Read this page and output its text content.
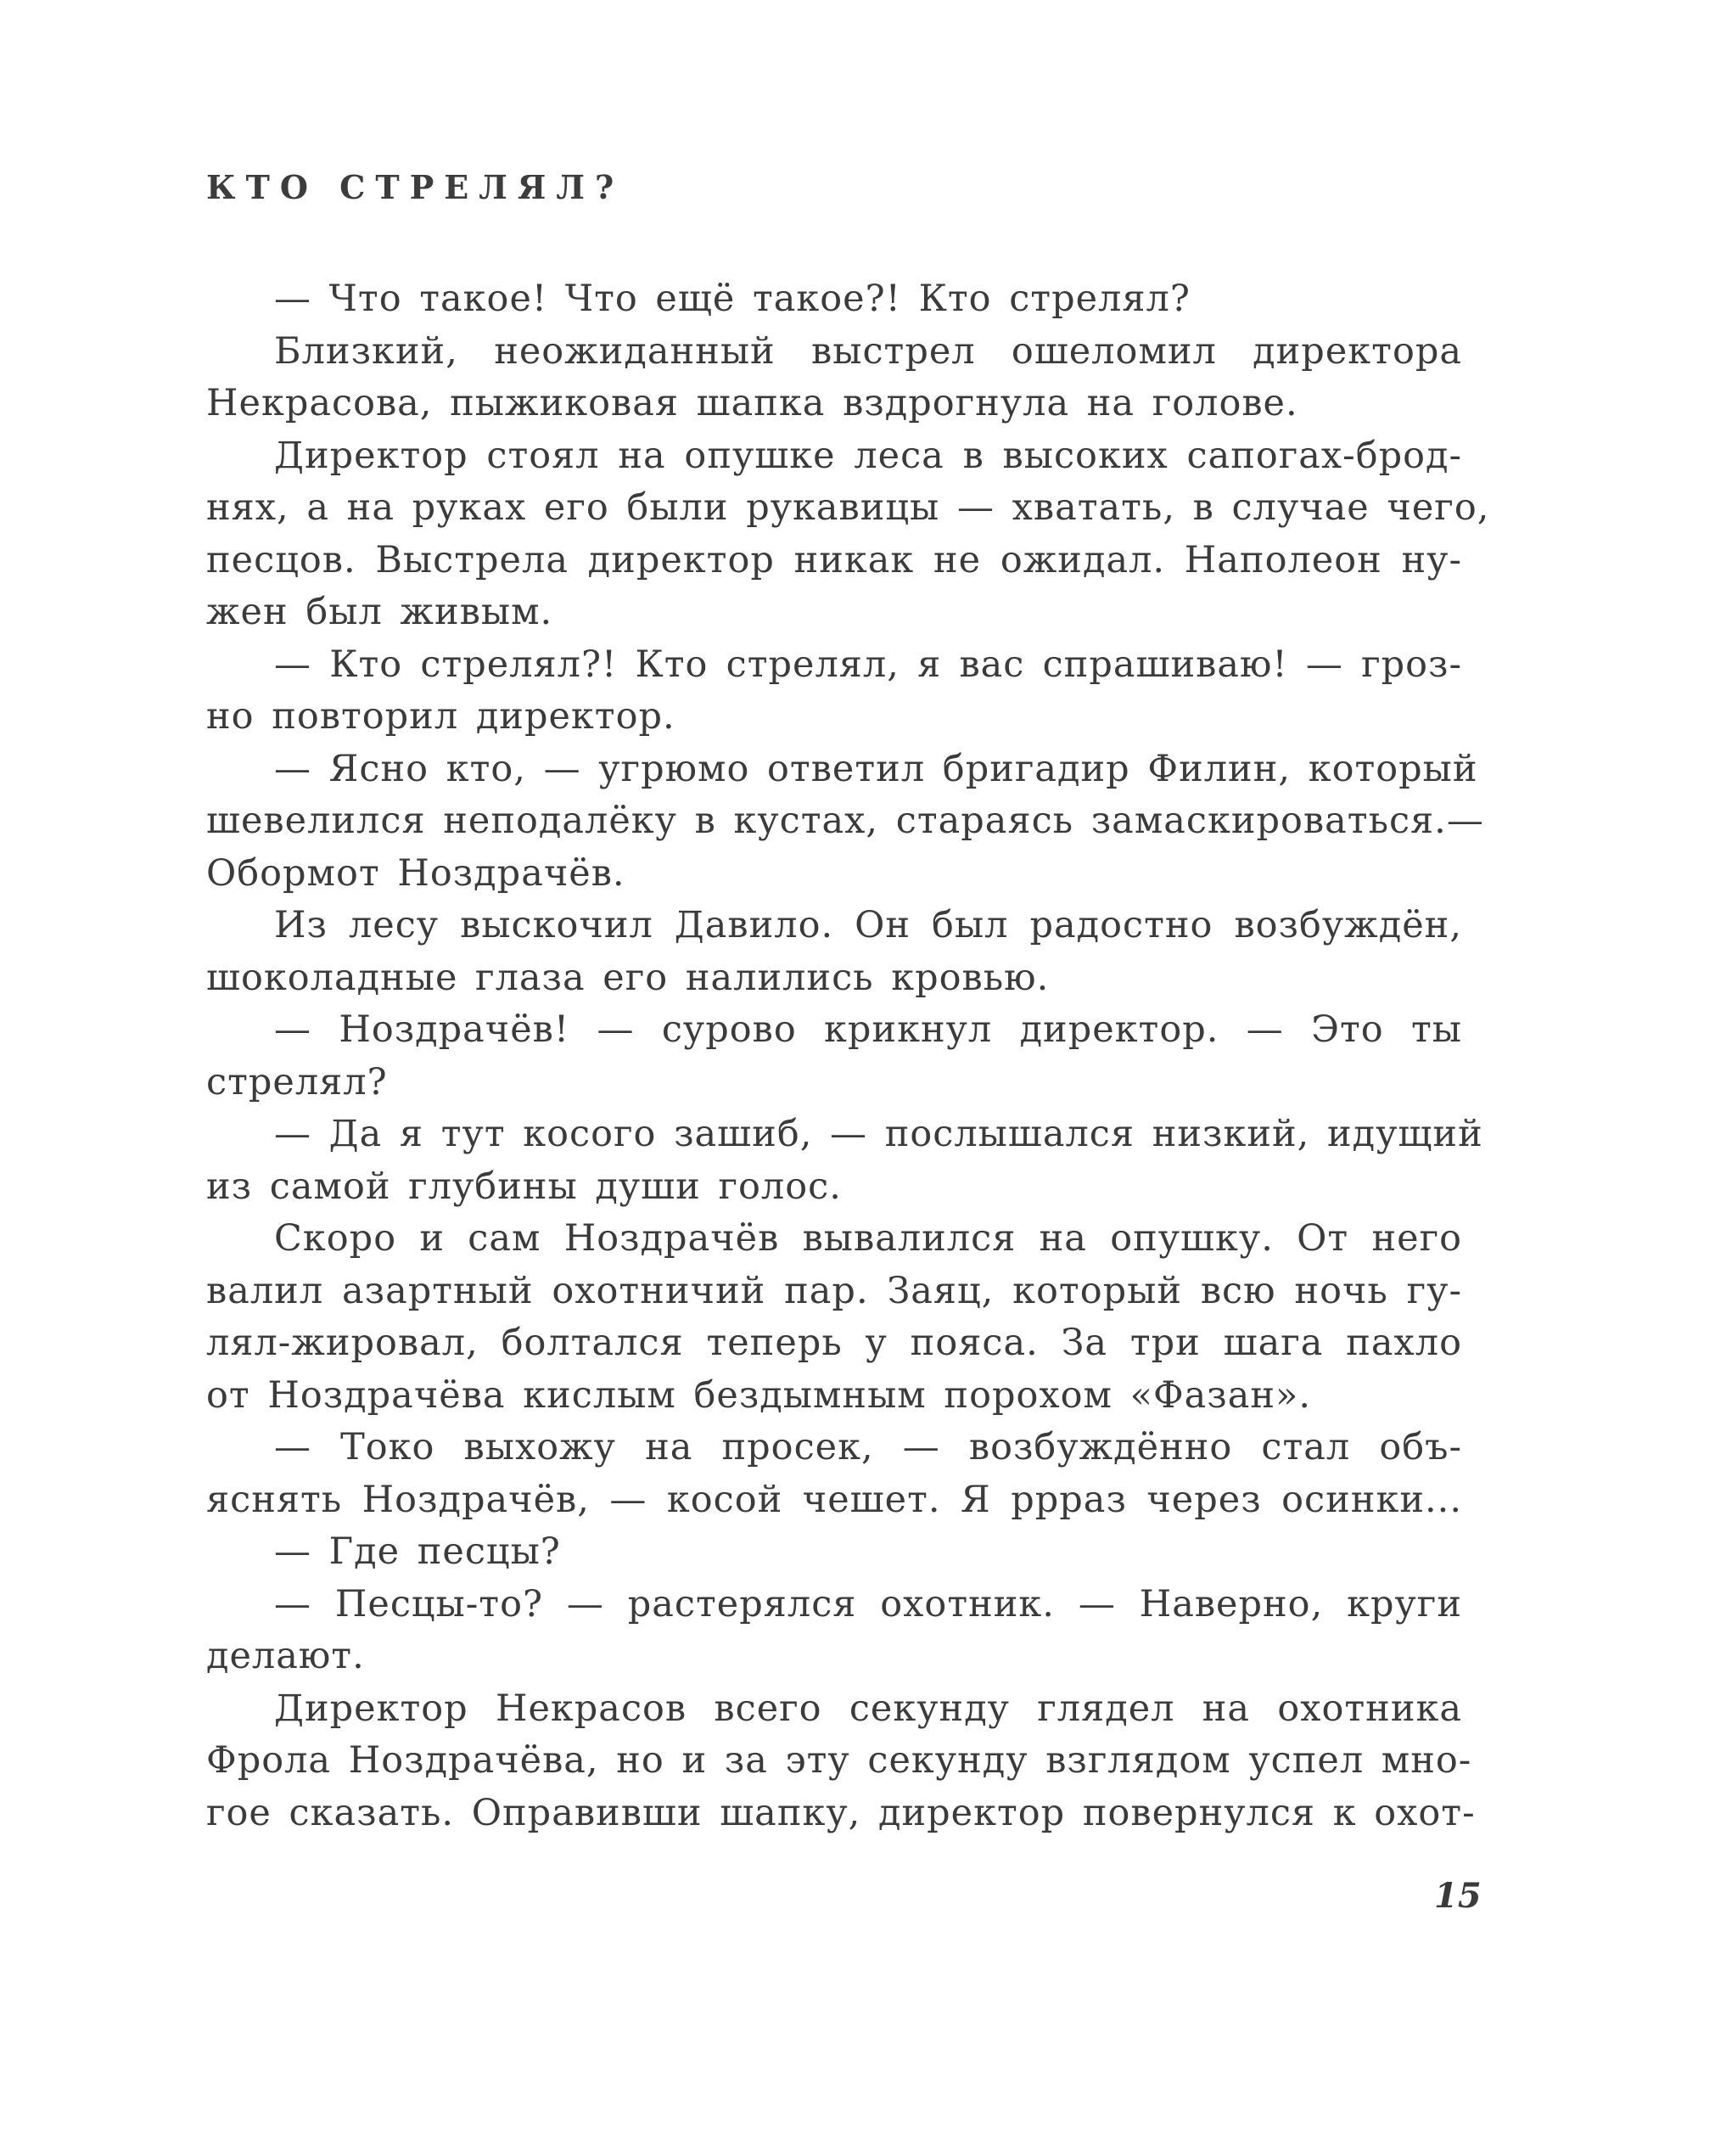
КТО СТРЕЛЯЛ?
— Что такое! Что ещё такое?! Кто стрелял?
Близкий, неожиданный выстрел ошеломил директора
Некрасова, пыжиковая шапка вздрогнула на голове.
Директор стоял на опушке леса в высоких сапогах-брод-
нях, а на руках его были рукавицы — хватать, в случае чего,
песцов. Выстрела директор никак не ожидал. Наполеон ну-
жен был живым.
— Кто стрелял?! Кто стрелял, я вас спрашиваю! — гроз-
но повторил директор.
— Ясно кто, — угрюмо ответил бригадир Филин, который
шевелился неподалёку в кустах, стараясь замаскироваться.—
Обормот Ноздрачёв.
Из лесу выскочил Давило. Он был радостно возбуждён,
шоколадные глаза его налились кровью.
— Ноздрачёв! — сурово крикнул директор. — Это ты
стрелял?
— Да я тут косого зашиб, — послышался низкий, идущий
из самой глубины души голос.
Скоро и сам Ноздрачёв вывалился на опушку. От него
валил азартный охотничий пар. Заяц, который всю ночь гу-
лял-жировал, болтался теперь у пояса. За три шага пахло
от Ноздрачёва кислым бездымным порохом «Фазан».
— Токо выхожу на просек, — возбуждённо стал объ-
яснять Ноздрачёв, — косой чешет. Я ррраз через осинки...
— Где песцы?
— Песцы-то? — растерялся охотник. — Наверно, круги
делают.
Директор Некрасов всего секунду глядел на охотника
Фрола Ноздрачёва, но и за эту секунду взглядом успел мно-
гое сказать. Оправивши шапку, директор повернулся к охот-

15
